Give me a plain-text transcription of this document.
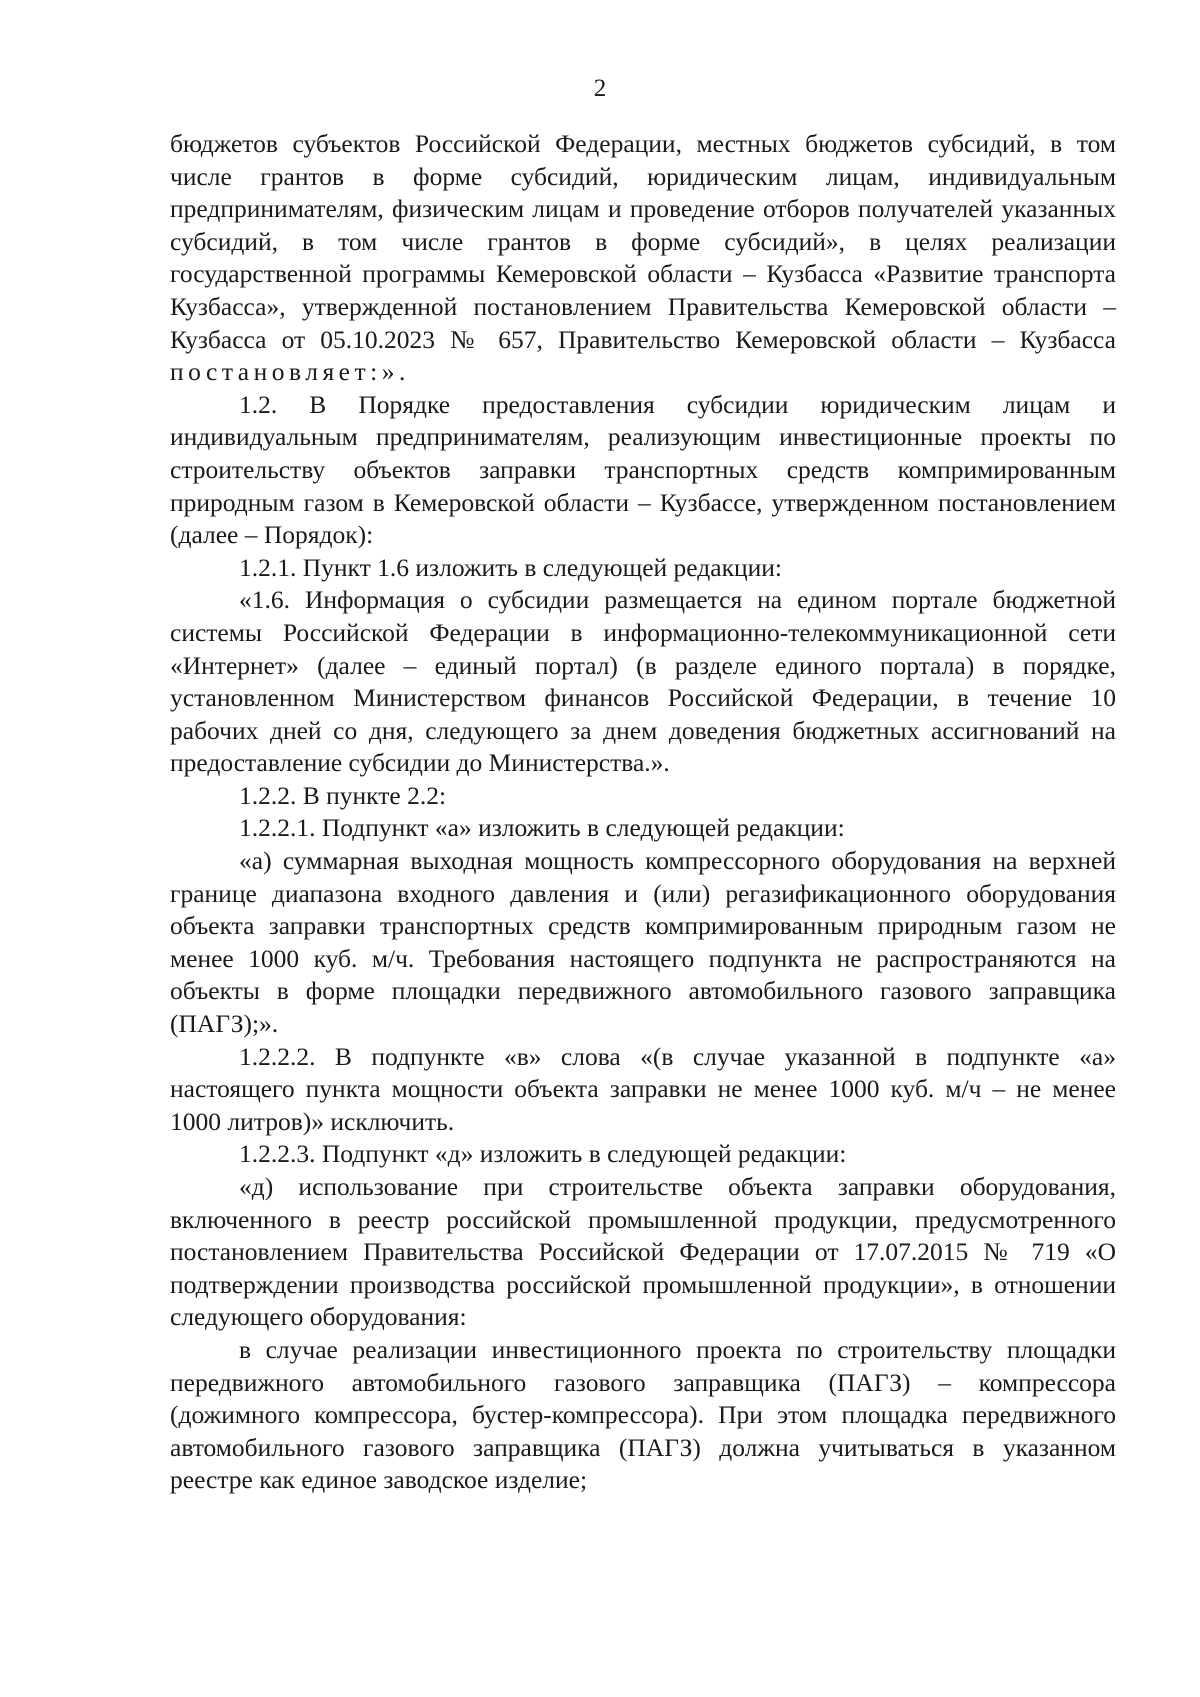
2

бюджетов субъектов Российской Федерации, местных бюджетов субсидий, в том числе грантов в форме субсидий, юридическим лицам, индивидуальным предпринимателям, физическим лицам и проведение отборов получателей указанных субсидий, в том числе грантов в форме субсидий», в целях реализации государственной программы Кемеровской области – Кузбасса «Развитие транспорта Кузбасса», утвержденной постановлением Правительства Кемеровской области – Кузбасса от 05.10.2023 № 657, Правительство Кемеровской области – Кузбасса постановляет:».

1.2. В Порядке предоставления субсидии юридическим лицам и индивидуальным предпринимателям, реализующим инвестиционные проекты по строительству объектов заправки транспортных средств компримированным природным газом в Кемеровской области – Кузбассе, утвержденном постановлением (далее – Порядок):

1.2.1. Пункт 1.6 изложить в следующей редакции:

«1.6. Информация о субсидии размещается на едином портале бюджетной системы Российской Федерации в информационно-телекоммуникационной сети «Интернет» (далее – единый портал) (в разделе единого портала) в порядке, установленном Министерством финансов Российской Федерации, в течение 10 рабочих дней со дня, следующего за днем доведения бюджетных ассигнований на предоставление субсидии до Министерства.».

1.2.2. В пункте 2.2:

1.2.2.1. Подпункт «а» изложить в следующей редакции:

«а) суммарная выходная мощность компрессорного оборудования на верхней границе диапазона входного давления и (или) регазификационного оборудования объекта заправки транспортных средств компримированным природным газом не менее 1000 куб. м/ч. Требования настоящего подпункта не распространяются на объекты в форме площадки передвижного автомобильного газового заправщика (ПАГЗ);».

1.2.2.2. В подпункте «в» слова «(в случае указанной в подпункте «а» настоящего пункта мощности объекта заправки не менее 1000 куб. м/ч – не менее 1000 литров)» исключить.

1.2.2.3. Подпункт «д» изложить в следующей редакции:

«д) использование при строительстве объекта заправки оборудования, включенного в реестр российской промышленной продукции, предусмотренного постановлением Правительства Российской Федерации от 17.07.2015 № 719 «О подтверждении производства российской промышленной продукции», в отношении следующего оборудования:

в случае реализации инвестиционного проекта по строительству площадки передвижного автомобильного газового заправщика (ПАГЗ) – компрессора (дожимного компрессора, бустер-компрессора). При этом площадка передвижного автомобильного газового заправщика (ПАГЗ) должна учитываться в указанном реестре как единое заводское изделие;
